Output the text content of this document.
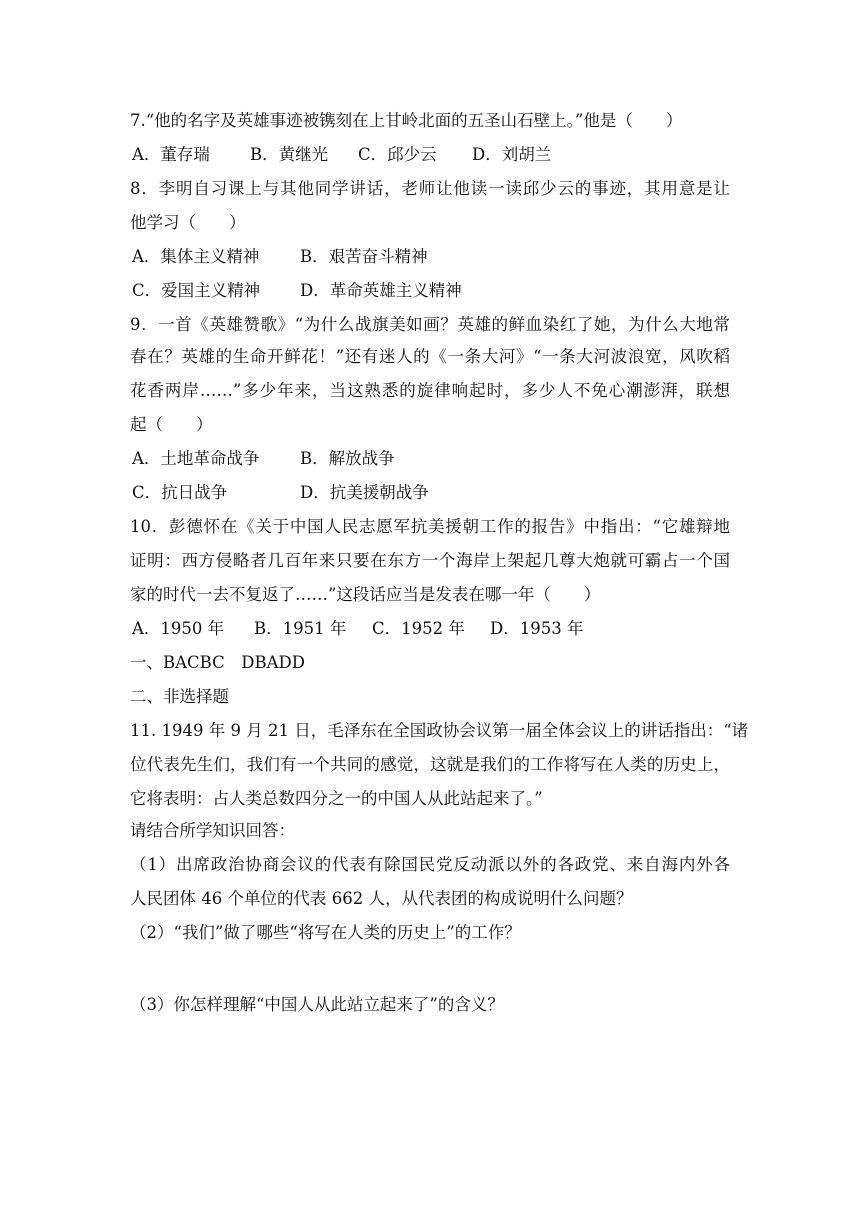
7.“他的名字及英雄事迹被镌刻在上甘岭北面的五圣山石壁上。”他是（　　）
A．董存瑞 B．黄继光 C．邱少云 D．刘胡兰
8．李明自习课上与其他同学讲话，老师让他读一读邱少云的事迹，其用意是让
他学习（　　）
A．集体主义精神 B．艰苦奋斗精神
C．爱国主义精神 D．革命英雄主义精神
9．一首《英雄赞歌》“为什么战旗美如画？英雄的鲜血染红了她，为什么大地常
春在？英雄的生命开鲜花！”还有迷人的《一条大河》“一条大河波浪宽，风吹稻
花香两岸……”多少年来，当这熟悉的旋律响起时，多少人不免心潮澎湃，联想
起（　　）
A．土地革命战争 B．解放战争
C．抗日战争	D．抗美援朝战争
10．彭德怀在《关于中国人民志愿军抗美援朝工作的报告》中指出：“它雄辩地
证明：西方侵略者几百年来只要在东方一个海岸上架起几尊大炮就可霸占一个国
家的时代一去不复返了……”这段话应当是发表在哪一年（　　）
A．1950 年 B．1951 年 C．1952 年 D．1953 年
一、BACBC　DBADD
二、非选择题
11. 1949 年 9 月 21 日，毛泽东在全国政协会议第一届全体会议上的讲话指出：“诸
位代表先生们，我们有一个共同的感觉，这就是我们的工作将写在人类的历史上，
它将表明：占人类总数四分之一的中国人从此站起来了。”
请结合所学知识回答：
（1）出席政治协商会议的代表有除国民党反动派以外的各政党、来自海内外各
人民团体 46 个单位的代表 662 人，从代表团的构成说明什么问题？
（2）“我们”做了哪些“将写在人类的历史上”的工作？
（3）你怎样理解“中国人从此站立起来了”的含义？
